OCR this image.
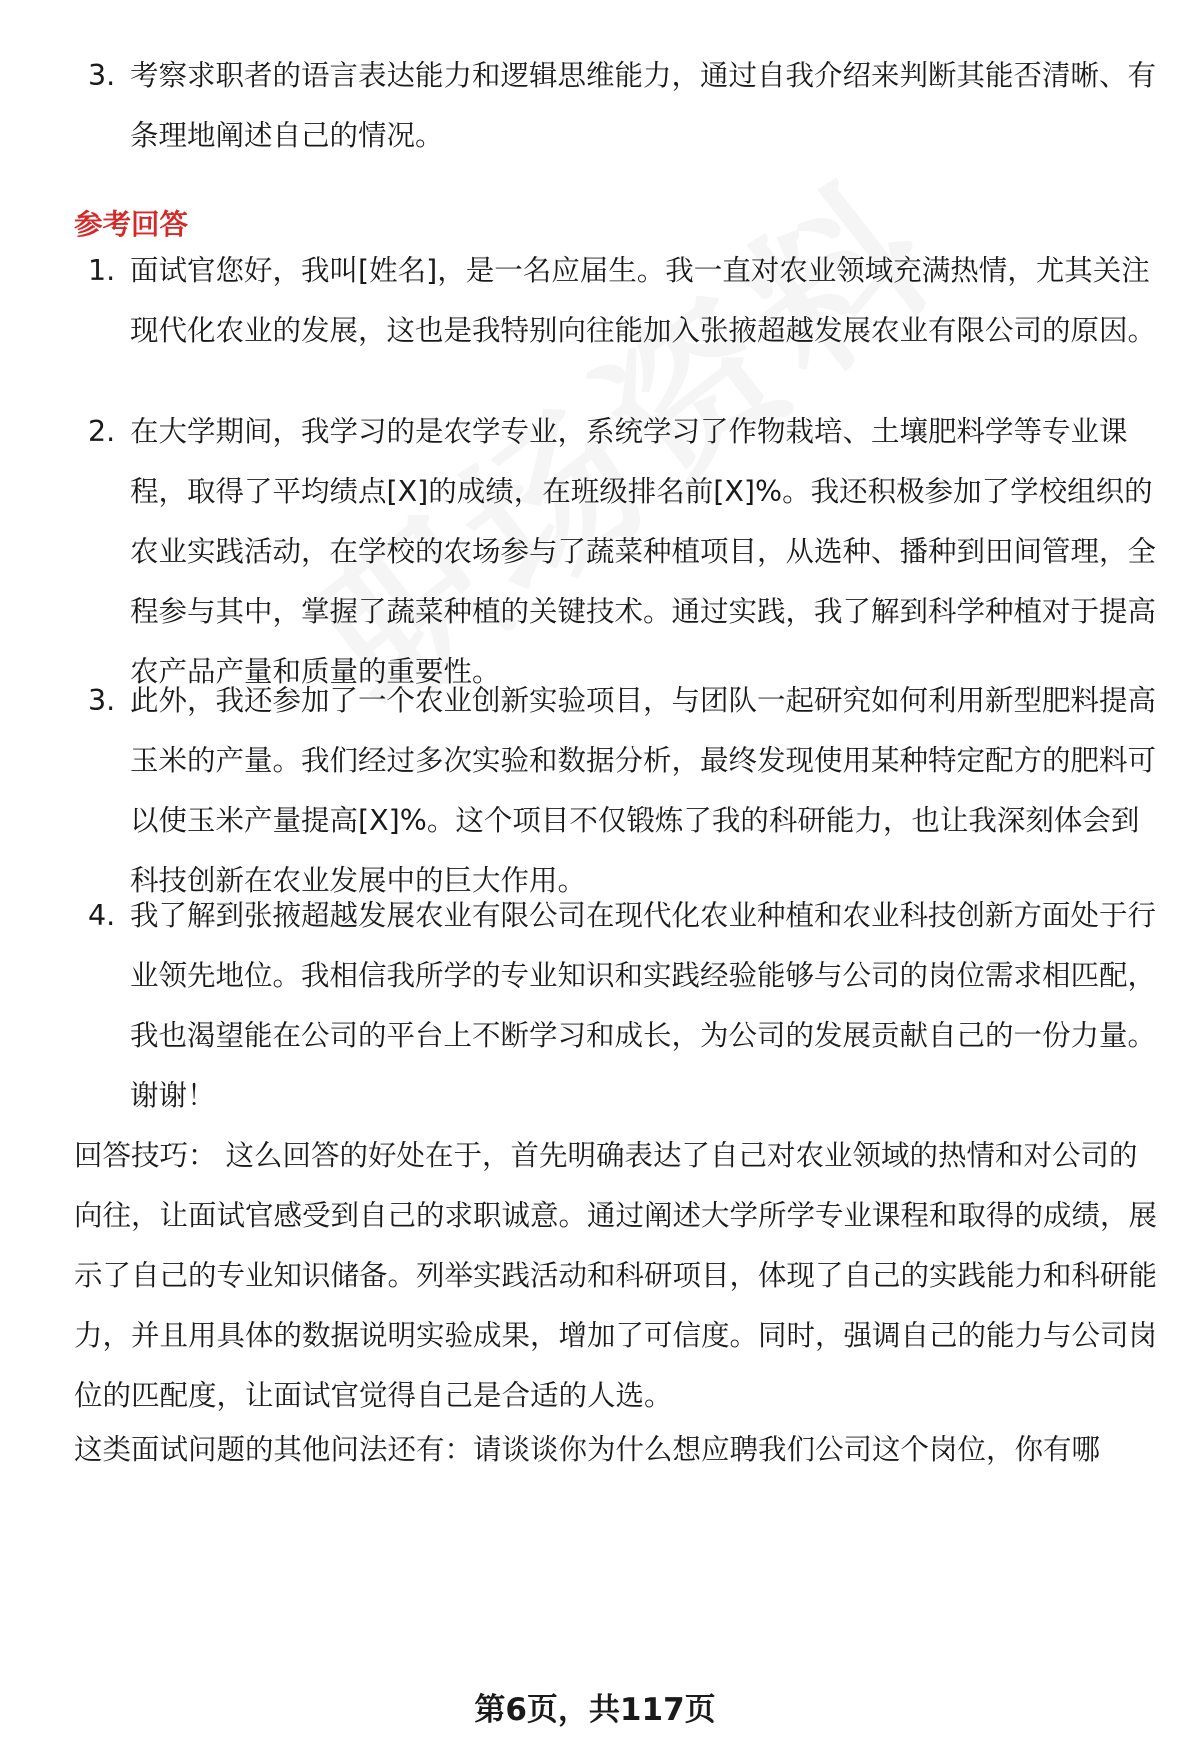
3. 考察求职者的语言表达能力和逻辑思维能力，通过自我介绍来判断其能否清晰、有条理地阐述自己的情况。
参考回答
1. 面试官您好，我叫[姓名]，是一名应届生。我一直对农业领域充满热情，尤其关注现代化农业的发展，这也是我特别向往能加入张掖超越发展农业有限公司的原因。
2. 在大学期间，我学习的是农学专业，系统学习了作物栽培、土壤肥料学等专业课程，取得了平均绩点[X]的成绩，在班级排名前[X]%。我还积极参加了学校组织的农业实践活动，在学校的农场参与了蔬菜种植项目，从选种、播种到田间管理，全程参与其中，掌握了蔬菜种植的关键技术。通过实践，我了解到科学种植对于提高农产品产量和质量的重要性。
3. 此外，我还参加了一个农业创新实验项目，与团队一起研究如何利用新型肥料提高玉米的产量。我们经过多次实验和数据分析，最终发现使用某种特定配方的肥料可以使玉米产量提高[X]%。这个项目不仅锻炼了我的科研能力，也让我深刻体会到科技创新在农业发展中的巨大作用。
4. 我了解到张掖超越发展农业有限公司在现代化农业种植和农业科技创新方面处于行业领先地位。我相信我所学的专业知识和实践经验能够与公司的岗位需求相匹配，我也渴望能在公司的平台上不断学习和成长，为公司的发展贡献自己的一份力量。谢谢！
回答技巧： 这么回答的好处在于，首先明确表达了自己对农业领域的热情和对公司的向往，让面试官感受到自己的求职诚意。通过阐述大学所学专业课程和取得的成绩，展示了自己的专业知识储备。列举实践活动和科研项目，体现了自己的实践能力和科研能力，并且用具体的数据说明实验成果，增加了可信度。同时，强调自己的能力与公司岗位的匹配度，让面试官觉得自己是合适的人选。
这类面试问题的其他问法还有：请谈谈你为什么想应聘我们公司这个岗位，你有哪
第6页，共117页
